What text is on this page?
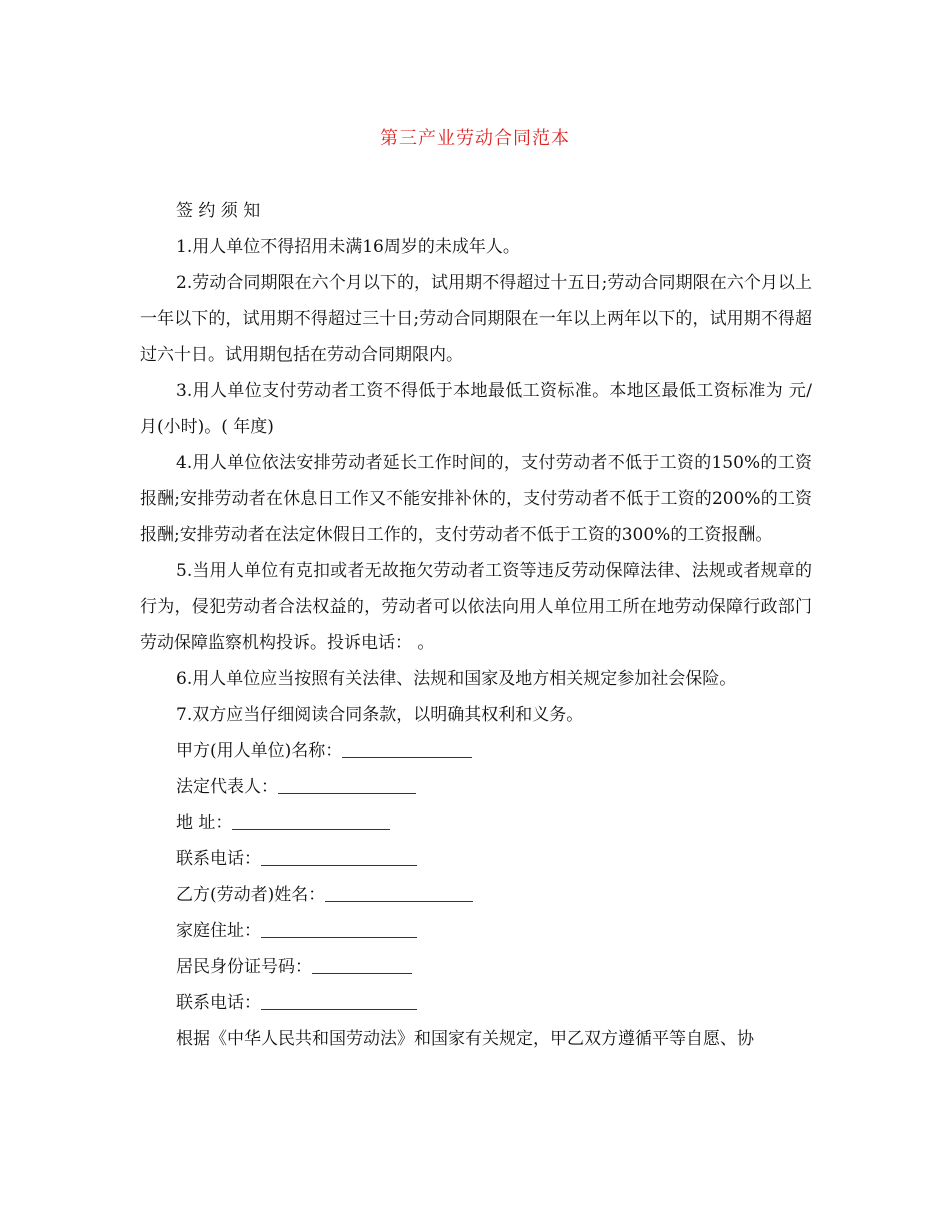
第三产业劳动合同范本

签 约 须 知

1.用人单位不得招用未满16周岁的未成年人。

2.劳动合同期限在六个月以下的，试用期不得超过十五日;劳动合同期限在六个月以上一年以下的，试用期不得超过三十日;劳动合同期限在一年以上两年以下的，试用期不得超过六十日。试用期包括在劳动合同期限内。

3.用人单位支付劳动者工资不得低于本地最低工资标准。本地区最低工资标准为 元/月(小时)。( 年度)

4.用人单位依法安排劳动者延长工作时间的，支付劳动者不低于工资的150%的工资报酬;安排劳动者在休息日工作又不能安排补休的，支付劳动者不低于工资的200%的工资报酬;安排劳动者在法定休假日工作的，支付劳动者不低于工资的300%的工资报酬。

5.当用人单位有克扣或者无故拖欠劳动者工资等违反劳动保障法律、法规或者规章的行为，侵犯劳动者合法权益的，劳动者可以依法向用人单位用工所在地劳动保障行政部门劳动保障监察机构投诉。投诉电话： 。

6.用人单位应当按照有关法律、法规和国家及地方相关规定参加社会保险。

7.双方应当仔细阅读合同条款，以明确其权利和义务。

甲方(用人单位)名称：

法定代表人：

地 址：

联系电话：

乙方(劳动者)姓名：

家庭住址：

居民身份证号码：

联系电话：

根据《中华人民共和国劳动法》和国家有关规定，甲乙双方遵循平等自愿、协
